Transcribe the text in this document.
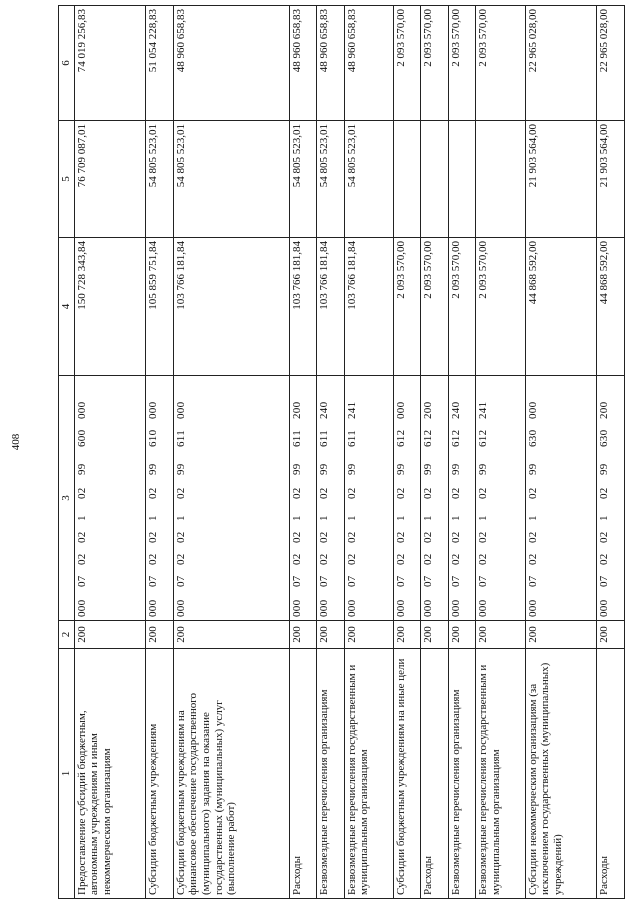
408
1	2	3	4	5	6
Предоставление субсидий бюджетным, автономным учреждениям и иным некоммерческим организациям	200	00007020210299600000	150 728 343,84	76 709 087,01	74 019 256,83
Субсидии бюджетным учреждениям	200	00007020210299610000	105 859 751,84	54 805 523,01	51 054 228,83
Субсидии бюджетным учреждениям на финансовое обеспечение государственного (муниципального) задания на оказание государственных (муниципальных) услуг (выполнение работ)	200	00007020210299611000	103 766 181,84	54 805 523,01	48 960 658,83
Расходы	200	00007020210299611200	103 766 181,84	54 805 523,01	48 960 658,83
Безвозмездные перечисления организациям	200	00007020210299611240	103 766 181,84	54 805 523,01	48 960 658,83
Безвозмездные перечисления государственным и муниципальным организациям	200	00007020210299611241	103 766 181,84	54 805 523,01	48 960 658,83
Субсидии бюджетным учреждениям на иные цели	200	00007020210299612000	2 093 570,00		2 093 570,00
Расходы	200	00007020210299612200	2 093 570,00		2 093 570,00
Безвозмездные перечисления организациям	200	00007020210299612240	2 093 570,00		2 093 570,00
Безвозмездные перечисления государственным и муниципальным организациям	200	00007020210299612241	2 093 570,00		2 093 570,00
Субсидии некоммерческим организациям (за исключением государственных (муниципальных) учреждений)	200	00007020210299630000	44 868 592,00	21 903 564,00	22 965 028,00
Расходы	200	00007020210299630200	44 868 592,00	21 903 564,00	22 965 028,00
